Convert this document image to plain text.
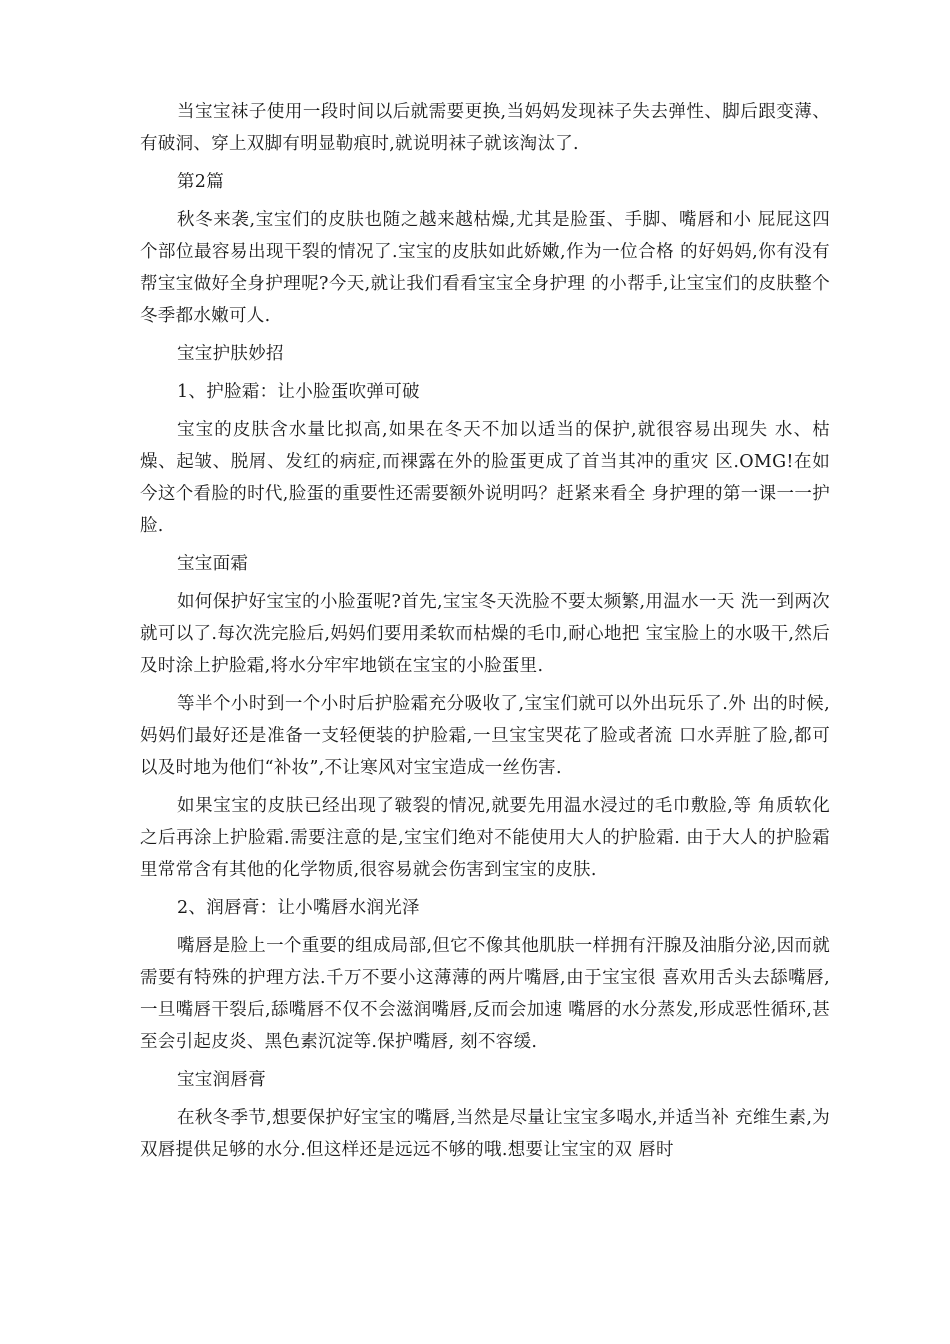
当宝宝袜子使用一段时间以后就需要更换,当妈妈发现袜子失去弹性、脚后跟变薄、有破洞、穿上双脚有明显勒痕时,就说明袜子就该淘汰了.

第2篇

秋冬来袭,宝宝们的皮肤也随之越来越枯燥,尤其是脸蛋、手脚、嘴唇和小 屁屁这四个部位最容易出现干裂的情况了.宝宝的皮肤如此娇嫩,作为一位合格 的好妈妈,你有没有帮宝宝做好全身护理呢?今天,就让我们看看宝宝全身护理 的小帮手,让宝宝们的皮肤整个冬季都水嫩可人.

宝宝护肤妙招

1、护脸霜：让小脸蛋吹弹可破

宝宝的皮肤含水量比拟高,如果在冬天不加以适当的保护,就很容易出现失 水、枯燥、起皱、脱屑、发红的病症,而裸露在外的脸蛋更成了首当其冲的重灾 区.OMG!在如今这个看脸的时代,脸蛋的重要性还需要额外说明吗？赶紧来看全 身护理的第一课一一护脸.

宝宝面霜

如何保护好宝宝的小脸蛋呢?首先,宝宝冬天洗脸不要太频繁,用温水一天 洗一到两次就可以了.每次洗完脸后,妈妈们要用柔软而枯燥的毛巾,耐心地把 宝宝脸上的水吸干,然后及时涂上护脸霜,将水分牢牢地锁在宝宝的小脸蛋里.

等半个小时到一个小时后护脸霜充分吸收了,宝宝们就可以外出玩乐了.外 出的时候,妈妈们最好还是准备一支轻便装的护脸霜,一旦宝宝哭花了脸或者流 口水弄脏了脸,都可以及时地为他们“补妆”,不让寒风对宝宝造成一丝伤害.

如果宝宝的皮肤已经出现了皲裂的情况,就要先用温水浸过的毛巾敷脸,等 角质软化之后再涂上护脸霜.需要注意的是,宝宝们绝对不能使用大人的护脸霜. 由于大人的护脸霜里常常含有其他的化学物质,很容易就会伤害到宝宝的皮肤.

2、润唇膏：让小嘴唇水润光泽

嘴唇是脸上一个重要的组成局部,但它不像其他肌肤一样拥有汗腺及油脂分泌,因而就需要有特殊的护理方法.千万不要小这薄薄的两片嘴唇,由于宝宝很 喜欢用舌头去舔嘴唇,一旦嘴唇干裂后,舔嘴唇不仅不会滋润嘴唇,反而会加速 嘴唇的水分蒸发,形成恶性循环,甚至会引起皮炎、黑色素沉淀等.保护嘴唇, 刻不容缓.

宝宝润唇膏

在秋冬季节,想要保护好宝宝的嘴唇,当然是尽量让宝宝多喝水,并适当补 充维生素,为双唇提供足够的水分.但这样还是远远不够的哦.想要让宝宝的双 唇时
